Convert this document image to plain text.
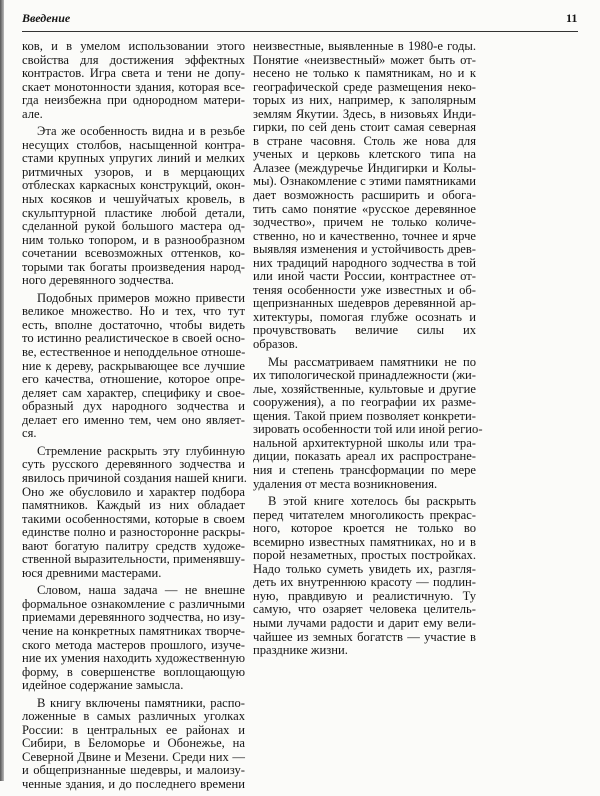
Введение	11
ков, и в умелом использовании этого
свойства для достижения эффектных
контрастов. Игра света и тени не допу-
скает монотонности здания, которая все-
гда неизбежна при однородном матери-
але.
Эта же особенность видна и в резьбе
несущих столбов, насыщенной контра-
стами крупных упругих линий и мелких
ритмичных узоров, и в мерцающих
отблесках каркасных конструкций, окон-
ных косяков и чешуйчатых кровель, в
скульптурной пластике любой детали,
сделанной рукой большого мастера од-
ним только топором, и в разнообразном
сочетании всевозможных оттенков, ко-
торыми так богаты произведения народ-
ного деревянного зодчества.
Подобных примеров можно привести
великое множество. Но и тех, что тут
есть, вполне достаточно, чтобы видеть
то истинно реалистическое в своей осно-
ве, естественное и неподдельное отноше-
ние к дереву, раскрывающее все лучшие
его качества, отношение, которое опре-
деляет сам характер, специфику и свое-
образный дух народного зодчества и
делает его именно тем, чем оно являет-
ся.
Стремление раскрыть эту глубинную
суть русского деревянного зодчества и
явилось причиной создания нашей книги.
Оно же обусловило и характер подбора
памятников. Каждый из них обладает
такими особенностями, которые в своем
единстве полно и разносторонне раскры-
вают богатую палитру средств художе-
ственной выразительности, применявшу-
юся древними мастерами.
Словом, наша задача — не внешне
формальное ознакомление с различными
приемами деревянного зодчества, но изу-
чение на конкретных памятниках творче-
ского метода мастеров прошлого, изуче-
ние их умения находить художественную
форму, в совершенстве воплощающую
идейное содержание замысла.
В книгу включены памятники, распо-
ложенные в самых различных уголках
России: в центральных ее районах и
Сибири, в Беломорье и Обонежье, на
Северной Двине и Мезени. Среди них —
и общепризнанные шедевры, и малоизу-
ченные здания, и до последнего времени
неизвестные, выявленные в 1980-е годы.
Понятие «неизвестный» может быть от-
несено не только к памятникам, но и к
географической среде размещения неко-
торых из них, например, к заполярным
землям Якутии. Здесь, в низовьях Инди-
гирки, по сей день стоит самая северная
в стране часовня. Столь же нова для
ученых и церковь клетского типа на
Алазее (междуречье Индигирки и Колы-
мы). Ознакомление с этими памятниками
дает возможность расширить и обога-
тить само понятие «русское деревянное
зодчество», причем не только количе-
ственно, но и качественно, точнее и ярче
выявляя изменения и устойчивость древ-
них традиций народного зодчества в той
или иной части России, контрастнее от-
теняя особенности уже известных и об-
щепризнанных шедевров деревянной ар-
хитектуры, помогая глубже осознать и
прочувствовать величие силы их
образов.
Мы рассматриваем памятники не по
их типологической принадлежности (жи-
лые, хозяйственные, культовые и другие
сооружения), а по географии их разме-
щения. Такой прием позволяет конкрети-
зировать особенности той или иной регио-
нальной архитектурной школы или тра-
диции, показать ареал их распростране-
ния и степень трансформации по мере
удаления от места возникновения.
В этой книге хотелось бы раскрыть
перед читателем многоликость прекрас-
ного, которое кроется не только во
всемирно известных памятниках, но и в
порой незаметных, простых постройках.
Надо только суметь увидеть их, разгля-
деть их внутреннюю красоту — подлин-
ную, правдивую и реалистичную. Ту
самую, что озаряет человека целитель-
ными лучами радости и дарит ему вели-
чайшее из земных богатств — участие в
празднике жизни.
